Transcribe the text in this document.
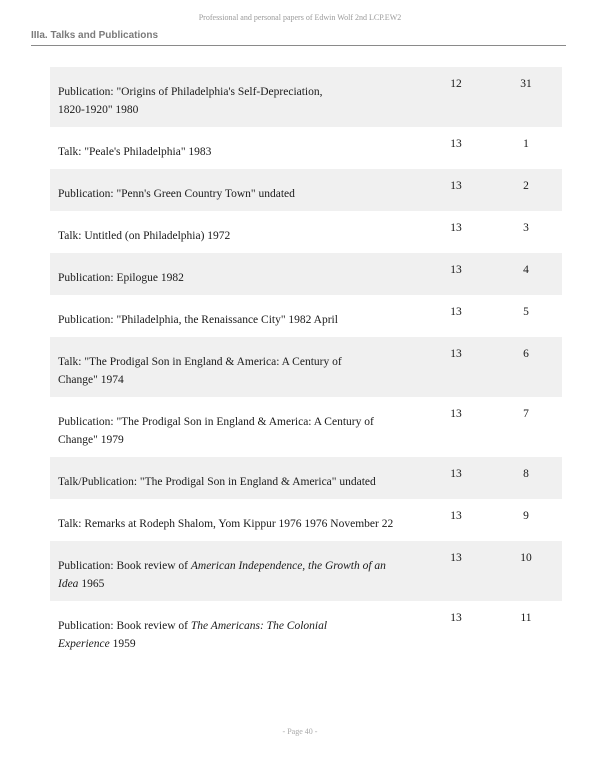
Professional and personal papers of Edwin Wolf 2nd LCP.EW2
IIIa. Talks and Publications
Publication: "Origins of Philadelphia's Self-Depreciation,
1820-1920" 1980
12	31
Talk: "Peale's Philadelphia" 1983
13	1
Publication: "Penn's Green Country Town" undated
13	2
Talk: Untitled (on Philadelphia) 1972
13	3
Publication: Epilogue 1982
13	4
Publication: "Philadelphia, the Renaissance City" 1982 April
13	5
Talk: "The Prodigal Son in England & America: A Century of
Change" 1974
13	6
Publication: "The Prodigal Son in England & America: A Century of
Change" 1979
13	7
Talk/Publication: "The Prodigal Son in England & America" undated
13	8
Talk: Remarks at Rodeph Shalom, Yom Kippur 1976 1976 November 22
13	9
Publication: Book review of American Independence, the Growth of an
Idea 1965
13	10
Publication: Book review of The Americans: The Colonial
Experience 1959
13	11
- Page 40 -
